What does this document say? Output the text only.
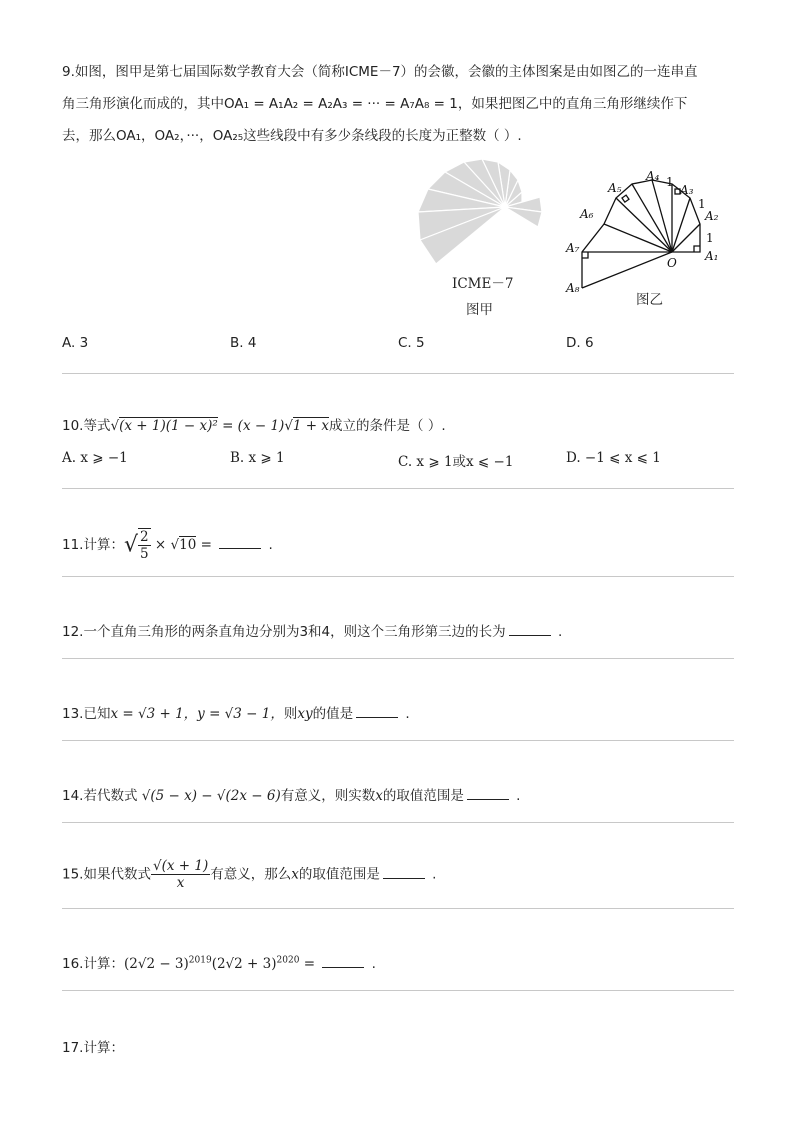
9.如图，图甲是第七届国际数学教育大会（简称ICME－7）的会徽，会徽的主体图案是由如图乙的一连串直
角三角形演化而成的，其中OA₁ = A₁A₂ = A₂A₃ = ··· = A₇A₈ = 1，如果把图乙中的直角三角形继续作下
去，那么OA₁，OA₂，···，OA₂₅这些线段中有多少条线段的长度为正整数（ ）.
ICME－7
图甲
O A₁
A₂
A₃
A₄
A₅
A₆
A₇
A₈
1
1
1
图乙
A. 3	B. 4	C. 5	D. 6
10.等式√(x + 1)(1 − x)² = (x − 1)√1 + x成立的条件是（ ）.
A. x ⩾ −1	B. x ⩾ 1	C. x ⩾ 1或x ⩽ −1	D. −1 ⩽ x ⩽ 1
11.计算：√ $\frac{2}{5} \times √10$ =	.
12.一个直角三角形的两条直角边分别为3和4，则这个三角形第三边的长为	.
13.已知x = √3 + 1，y = √3 − 1，则xy的值是	.
14.若代数式 √(5 − x) − √(2x − 6)有意义，则实数x的取值范围是	.
15.如果代数式 $\frac{√(x + 1)}{x}$ 有意义，那么x的取值范围是	.
16.计算：$(2√2 - 3)^{2019}(2√2 + 3)^{2020}$ =	.
17.计算：
